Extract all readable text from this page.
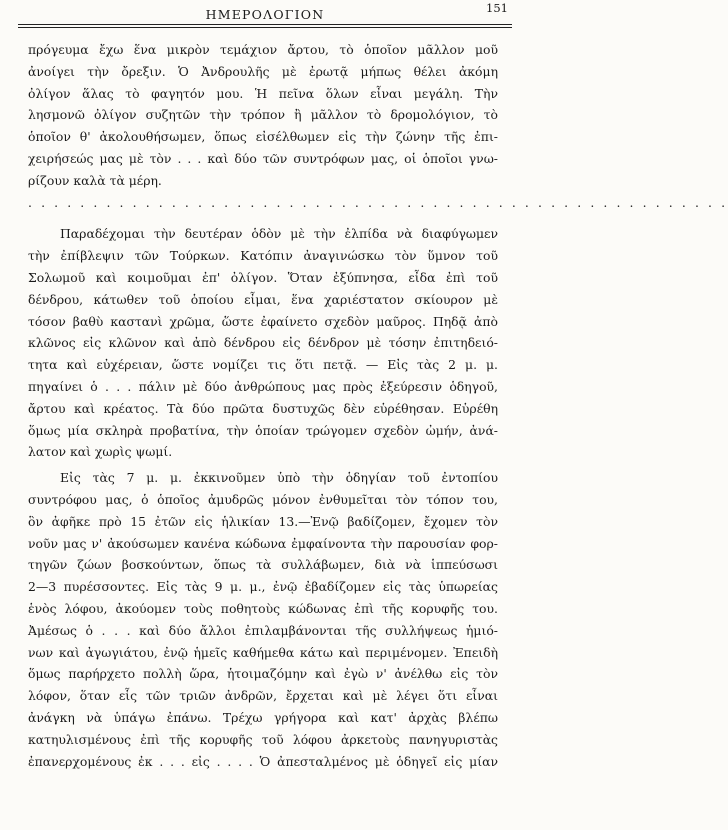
ΗΜΕΡΟΛΟΓΙΟΝ	151
πρόγευμα ἔχω ἕνα μικρὸν τεμάχιον ἄρτου, τὸ ὁποῖον μᾶλλον μοῦ
ἀνοίγει τὴν ὄρεξιν. Ὁ Ἀνδρουλῆς μὲ ἐρωτᾷ μήπως θέλει ἀκόμη
ὀλίγον ἅλας τὸ φαγητόν μου. Ἡ πεῖνα ὅλων εἶναι μεγάλη. Τὴν
λησμονῶ ὀλίγον συζητῶν τὴν τρόπον ἢ μᾶλλον τὸ δρομολόγιον, τὸ
ὁποῖον θ' ἀκολουθήσωμεν, ὅπως εἰσέλθωμεν εἰς τὴν ζώνην τῆς ἐπι-
χειρήσεώς μας μὲ τὸν . . . καὶ δύο τῶν συντρόφων μας, οἱ ὁποῖοι γνω-
ρίζουν καλὰ τὰ μέρη.
. . . . . . . . . . . . . . . . . . . . . . . . . . . . . . . . . . . . . . . . . . . . . . . . . . . . . .
Παραδέχομαι τὴν δευτέραν ὁδὸν μὲ τὴν ἐλπίδα νὰ διαφύγωμεν
τὴν ἐπίβλεψιν τῶν Τούρκων. Κατόπιν ἀναγινώσκω τὸν ὕμνον τοῦ
Σολωμοῦ καὶ κοιμοῦμαι ἐπ' ὀλίγον. Ὅταν ἐξύπνησα, εἶδα ἐπὶ τοῦ
δένδρου, κάτωθεν τοῦ ὁποίου εἶμαι, ἕνα χαριέστατον σκίουρον μὲ
τόσον βαθὺ καστανὶ χρῶμα, ὥστε ἐφαίνετο σχεδὸν μαῦρος. Πηδᾷ ἀπὸ
κλῶνος εἰς κλῶνον καὶ ἀπὸ δένδρου εἰς δένδρον μὲ τόσην ἐπιτηδειό-
τητα καὶ εὐχέρειαν, ὥστε νομίζει τις ὅτι πετᾷ. — Εἰς τὰς 2 μ. μ.
πηγαίνει ὁ . . . πάλιν μὲ δύο ἀνθρώπους μας πρὸς ἐξεύρεσιν ὁδηγοῦ,
ἄρτου καὶ κρέατος. Τὰ δύο πρῶτα δυστυχῶς δὲν εὑρέθησαν. Εὑρέθη
ὅμως μία σκληρὰ προβατίνα, τὴν ὁποίαν τρώγομεν σχεδὸν ὠμήν, ἀνά-
λατον καὶ χωρὶς ψωμί.
Εἰς τὰς 7 μ. μ. ἐκκινοῦμεν ὑπὸ τὴν ὁδηγίαν τοῦ ἐντοπίου
συντρόφου μας, ὁ ὁποῖος ἀμυδρῶς μόνον ἐνθυμεῖται τὸν τόπον του,
ὃν ἀφῆκε πρὸ 15 ἐτῶν εἰς ἡλικίαν 13.—Ἐνῷ βαδίζομεν, ἔχομεν τὸν
νοῦν μας ν' ἀκούσωμεν κανένα κώδωνα ἐμφαίνοντα τὴν παρουσίαν φορ-
τηγῶν ζώων βοσκούντων, ὅπως τὰ συλλάβωμεν, διὰ νὰ ἱππεύσωσι
2—3 πυρέσσοντες. Εἰς τὰς 9 μ. μ., ἐνῷ ἐβαδίζομεν εἰς τὰς ὑπωρείας
ἑνὸς λόφου, ἀκούομεν τοὺς ποθητοὺς κώδωνας ἐπὶ τῆς κορυφῆς του.
Ἀμέσως ὁ . . . καὶ δύο ἄλλοι ἐπιλαμβάνονται τῆς συλλήψεως ἡμιό-
νων καὶ ἀγωγιάτου, ἐνῷ ἡμεῖς καθήμεθα κάτω καὶ περιμένομεν. Ἐπειδὴ
ὅμως παρήρχετο πολλὴ ὥρα, ἡτοιμαζόμην καὶ ἐγὼ ν' ἀνέλθω εἰς τὸν
λόφον, ὅταν εἷς τῶν τριῶν ἀνδρῶν, ἔρχεται καὶ μὲ λέγει ὅτι εἶναι
ἀνάγκη νὰ ὑπάγω ἐπάνω. Τρέχω γρήγορα καὶ κατ' ἀρχὰς βλέπω
κατηυλισμένους ἐπὶ τῆς κορυφῆς τοῦ λόφου ἀρκετοὺς πανηγυριστὰς
ἐπανερχομένους ἐκ . . . εἰς . . . . Ὁ ἀπεσταλμένος μὲ ὁδηγεῖ εἰς μίαν
